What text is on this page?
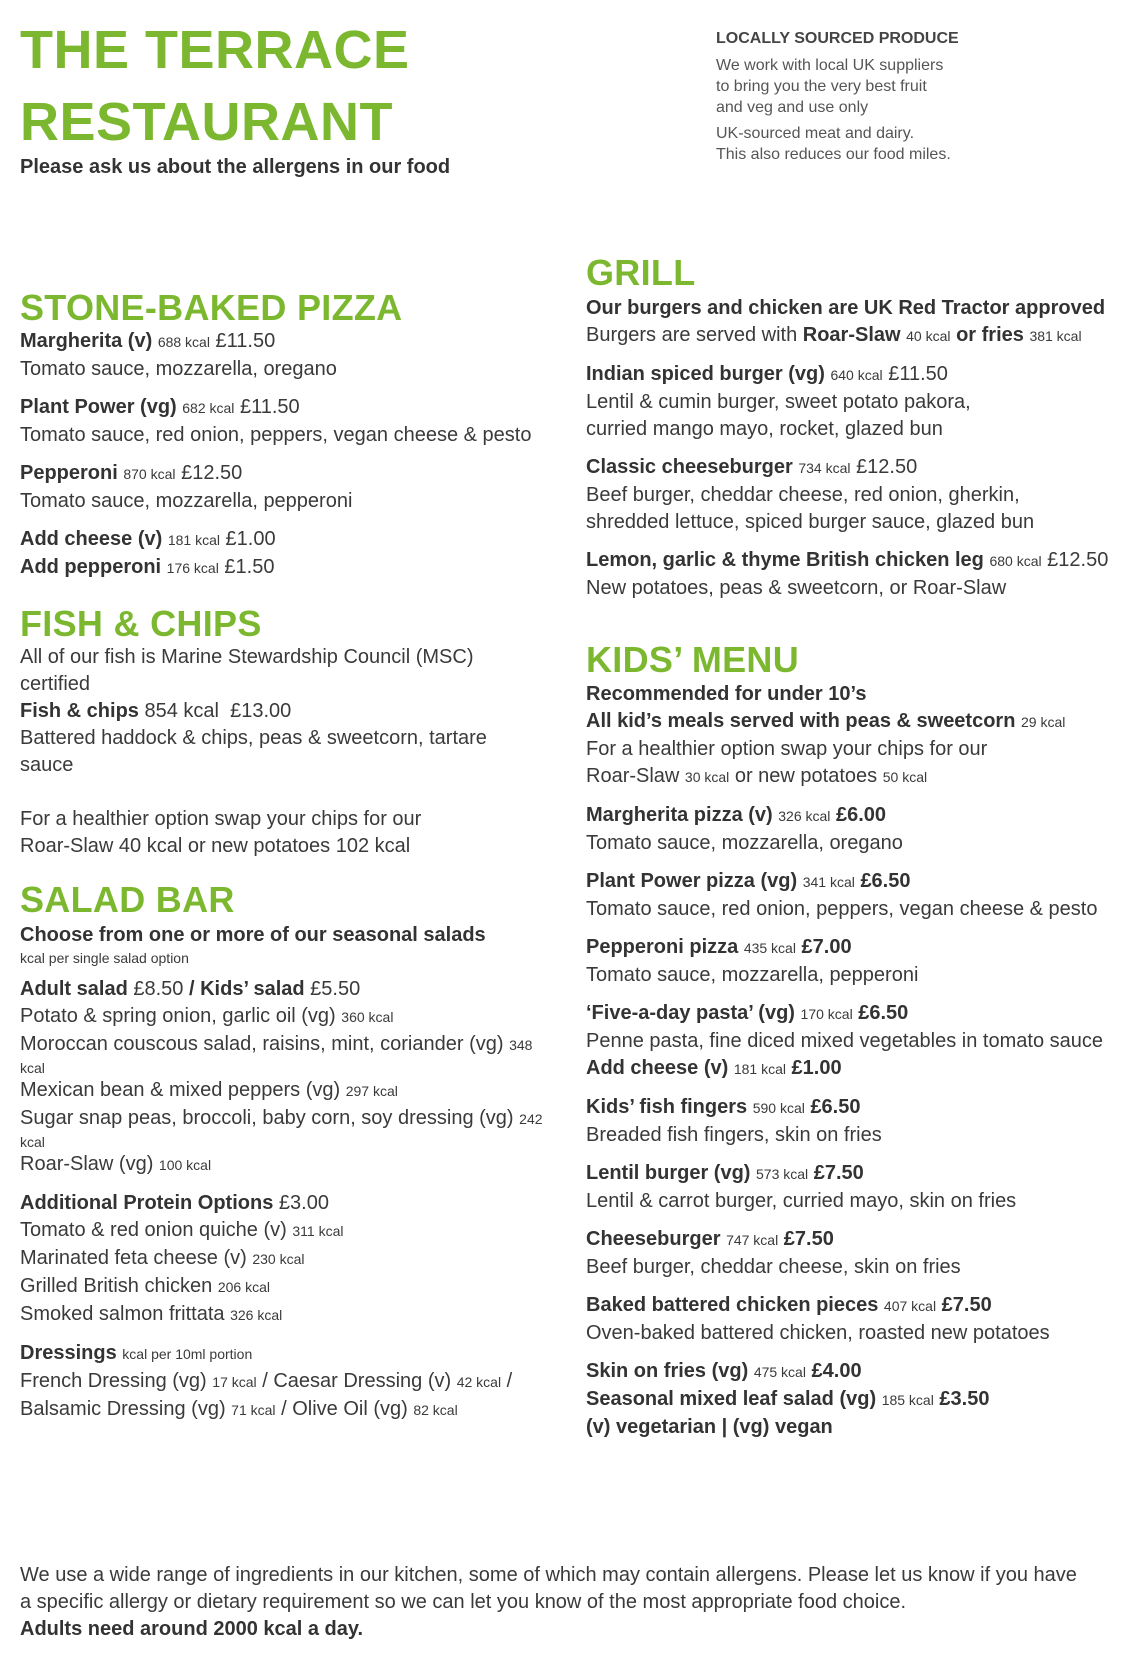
THE TERRACE
RESTAURANT
Please ask us about the allergens in our food
LOCALLY SOURCED PRODUCE
We work with local UK suppliers
to bring you the very best fruit
and veg and use only
UK-sourced meat and dairy.
This also reduces our food miles.
STONE-BAKED PIZZA
Margherita (v) 688 kcal £11.50
Tomato sauce, mozzarella, oregano
Plant Power (vg) 682 kcal £11.50
Tomato sauce, red onion, peppers, vegan cheese & pesto
Pepperoni 870 kcal £12.50
Tomato sauce, mozzarella, pepperoni
Add cheese (v) 181 kcal £1.00
Add pepperoni 176 kcal £1.50
FISH & CHIPS
All of our fish is Marine Stewardship Council (MSC)
certified
Fish & chips 854 kcal  £13.00
Battered haddock & chips, peas & sweetcorn, tartare
sauce
For a healthier option swap your chips for our
Roar-Slaw 40 kcal or new potatoes 102 kcal
SALAD BAR
Choose from one or more of our seasonal salads
kcal per single salad option
Adult salad £8.50 / Kids’ salad £5.50
Potato & spring onion, garlic oil (vg) 360 kcal
Moroccan couscous salad, raisins, mint, coriander (vg) 348
kcal
Mexican bean & mixed peppers (vg) 297 kcal
Sugar snap peas, broccoli, baby corn, soy dressing (vg) 242
kcal
Roar-Slaw (vg) 100 kcal
Additional Protein Options £3.00
Tomato & red onion quiche (v) 311 kcal
Marinated feta cheese (v) 230 kcal
Grilled British chicken 206 kcal
Smoked salmon frittata 326 kcal
Dressings kcal per 10ml portion
French Dressing (vg) 17 kcal / Caesar Dressing (v) 42 kcal /
Balsamic Dressing (vg) 71 kcal / Olive Oil (vg) 82 kcal
GRILL
Our burgers and chicken are UK Red Tractor approved
Burgers are served with Roar-Slaw 40 kcal or fries 381 kcal
Indian spiced burger (vg) 640 kcal £11.50
Lentil & cumin burger, sweet potato pakora,
curried mango mayo, rocket, glazed bun
Classic cheeseburger 734 kcal £12.50
Beef burger, cheddar cheese, red onion, gherkin,
shredded lettuce, spiced burger sauce, glazed bun
Lemon, garlic & thyme British chicken leg 680 kcal £12.50
New potatoes, peas & sweetcorn, or Roar-Slaw
KIDS’ MENU
Recommended for under 10’s
All kid’s meals served with peas & sweetcorn 29 kcal
For a healthier option swap your chips for our
Roar-Slaw 30 kcal or new potatoes 50 kcal
Margherita pizza (v) 326 kcal £6.00
Tomato sauce, mozzarella, oregano
Plant Power pizza (vg) 341 kcal £6.50
Tomato sauce, red onion, peppers, vegan cheese & pesto
Pepperoni pizza 435 kcal £7.00
Tomato sauce, mozzarella, pepperoni
‘Five-a-day pasta’ (vg) 170 kcal £6.50
Penne pasta, fine diced mixed vegetables in tomato sauce
Add cheese (v) 181 kcal £1.00
Kids’ fish fingers 590 kcal £6.50
Breaded fish fingers, skin on fries
Lentil burger (vg) 573 kcal £7.50
Lentil & carrot burger, curried mayo, skin on fries
Cheeseburger 747 kcal £7.50
Beef burger, cheddar cheese, skin on fries
Baked battered chicken pieces 407 kcal £7.50
Oven-baked battered chicken, roasted new potatoes
Skin on fries (vg) 475 kcal £4.00
Seasonal mixed leaf salad (vg) 185 kcal £3.50
(v) vegetarian | (vg) vegan
We use a wide range of ingredients in our kitchen, some of which may contain allergens. Please let us know if you have
a specific allergy or dietary requirement so we can let you know of the most appropriate food choice.
Adults need around 2000 kcal a day.
